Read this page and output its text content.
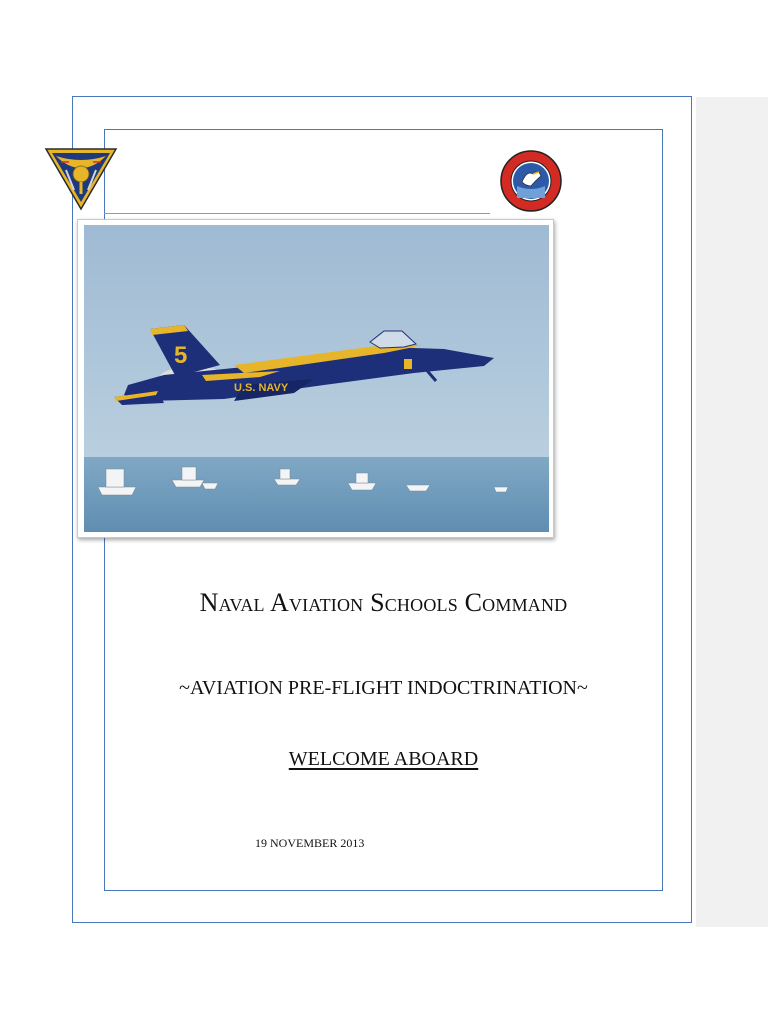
5
U.S. NAVY
Naval Aviation Schools Command

~AVIATION PRE-FLIGHT INDOCTRINATION~

WELCOME ABOARD

19 NOVEMBER 2013
